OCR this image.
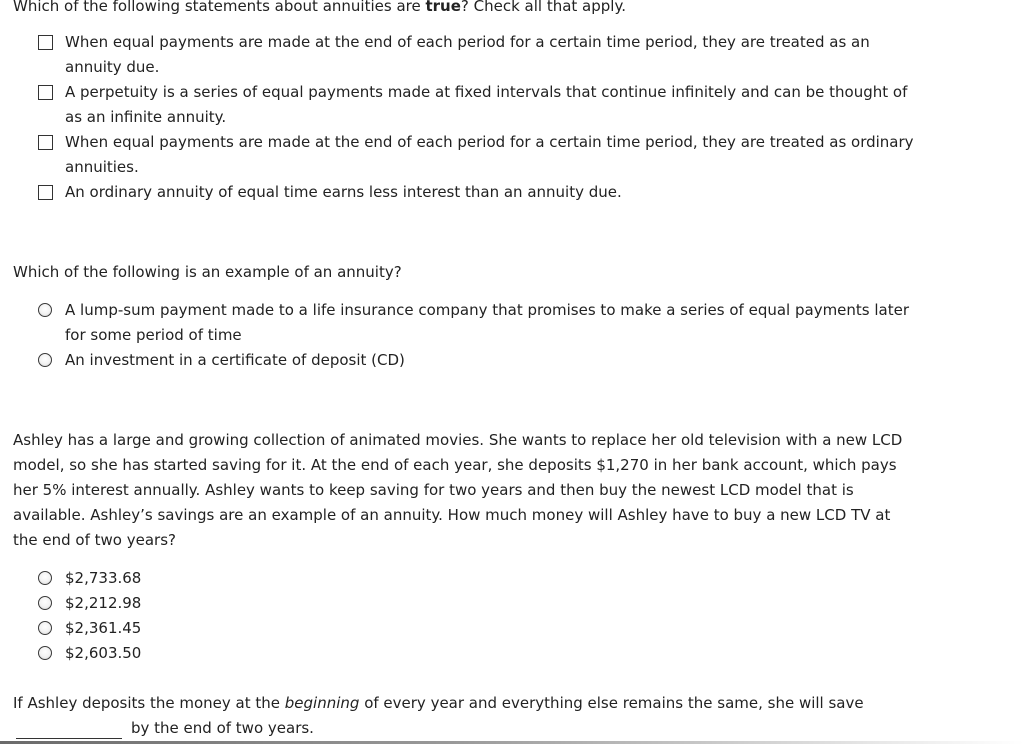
Which of the following statements about annuities are true? Check all that apply.
When equal payments are made at the end of each period for a certain time period, they are treated as an annuity due.
A perpetuity is a series of equal payments made at fixed intervals that continue infinitely and can be thought of as an infinite annuity.
When equal payments are made at the end of each period for a certain time period, they are treated as ordinary annuities.
An ordinary annuity of equal time earns less interest than an annuity due.
Which of the following is an example of an annuity?
A lump-sum payment made to a life insurance company that promises to make a series of equal payments later for some period of time
An investment in a certificate of deposit (CD)
Ashley has a large and growing collection of animated movies. She wants to replace her old television with a new LCD model, so she has started saving for it. At the end of each year, she deposits $1,270 in her bank account, which pays her 5% interest annually. Ashley wants to keep saving for two years and then buy the newest LCD model that is available. Ashley’s savings are an example of an annuity. How much money will Ashley have to buy a new LCD TV at the end of two years?
$2,733.68
$2,212.98
$2,361.45
$2,603.50
If Ashley deposits the money at the beginning of every year and everything else remains the same, she will save
by the end of two years.
